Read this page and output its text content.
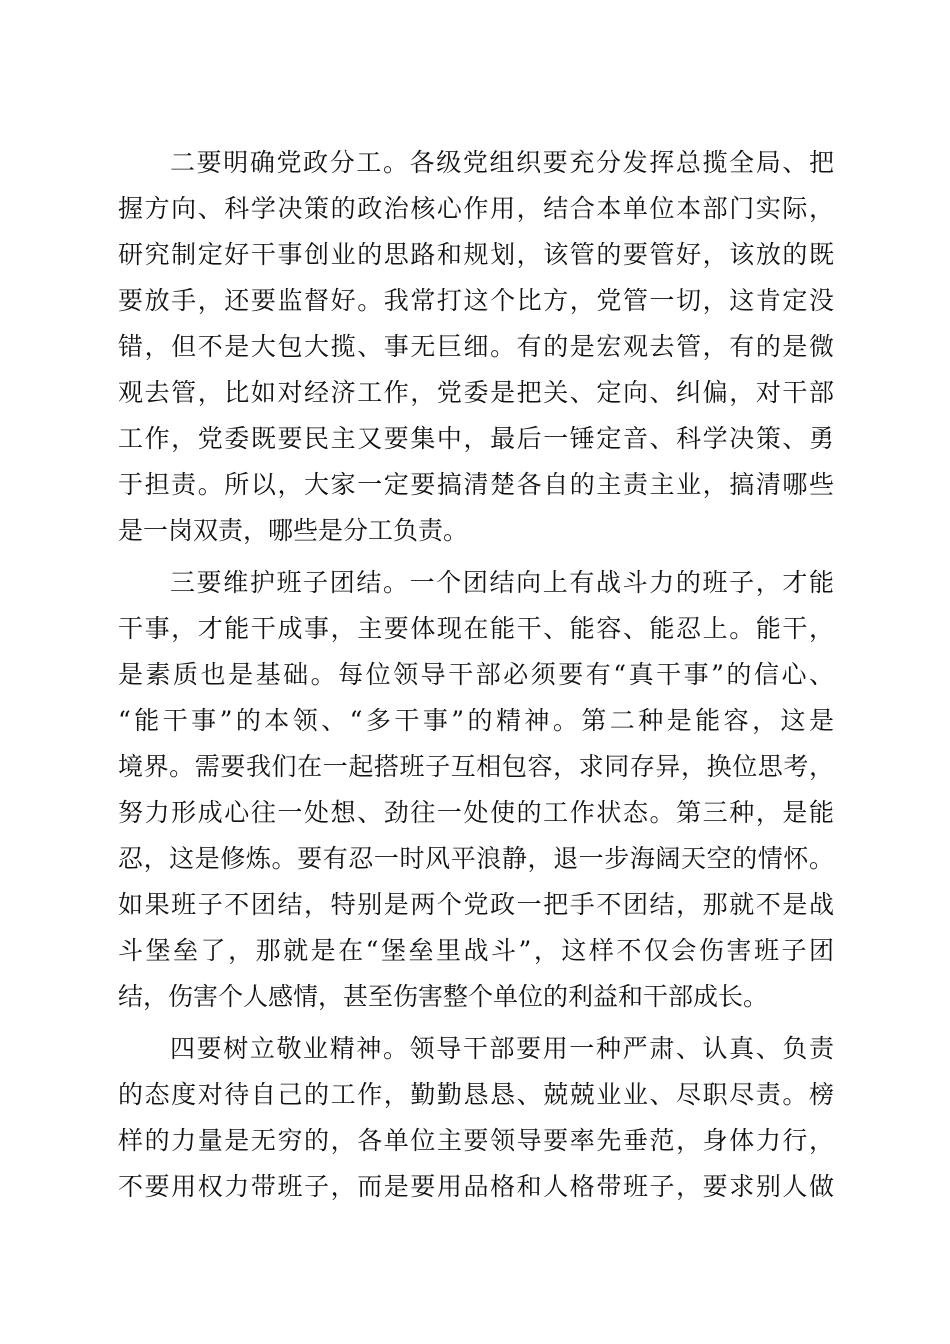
二要明确党政分工。各级党组织要充分发挥总揽全局、把
握方向、科学决策的政治核心作用，结合本单位本部门实际，
研究制定好干事创业的思路和规划，该管的要管好，该放的既
要放手，还要监督好。我常打这个比方，党管一切，这肯定没
错，但不是大包大揽、事无巨细。有的是宏观去管，有的是微
观去管，比如对经济工作，党委是把关、定向、纠偏，对干部
工作，党委既要民主又要集中，最后一锤定音、科学决策、勇
于担责。所以，大家一定要搞清楚各自的主责主业，搞清哪些
是一岗双责，哪些是分工负责。
三要维护班子团结。一个团结向上有战斗力的班子，才能
干事，才能干成事，主要体现在能干、能容、能忍上。能干，
是素质也是基础。每位领导干部必须要有“真干事”的信心、
“能干事”的本领、“多干事”的精神。第二种是能容，这是
境界。需要我们在一起搭班子互相包容，求同存异，换位思考，
努力形成心往一处想、劲往一处使的工作状态。第三种，是能
忍，这是修炼。要有忍一时风平浪静，退一步海阔天空的情怀。
如果班子不团结，特别是两个党政一把手不团结，那就不是战
斗堡垒了，那就是在“堡垒里战斗”，这样不仅会伤害班子团
结，伤害个人感情，甚至伤害整个单位的利益和干部成长。
四要树立敬业精神。领导干部要用一种严肃、认真、负责
的态度对待自己的工作，勤勤恳恳、兢兢业业、尽职尽责。榜
样的力量是无穷的，各单位主要领导要率先垂范，身体力行，
不要用权力带班子，而是要用品格和人格带班子，要求别人做
